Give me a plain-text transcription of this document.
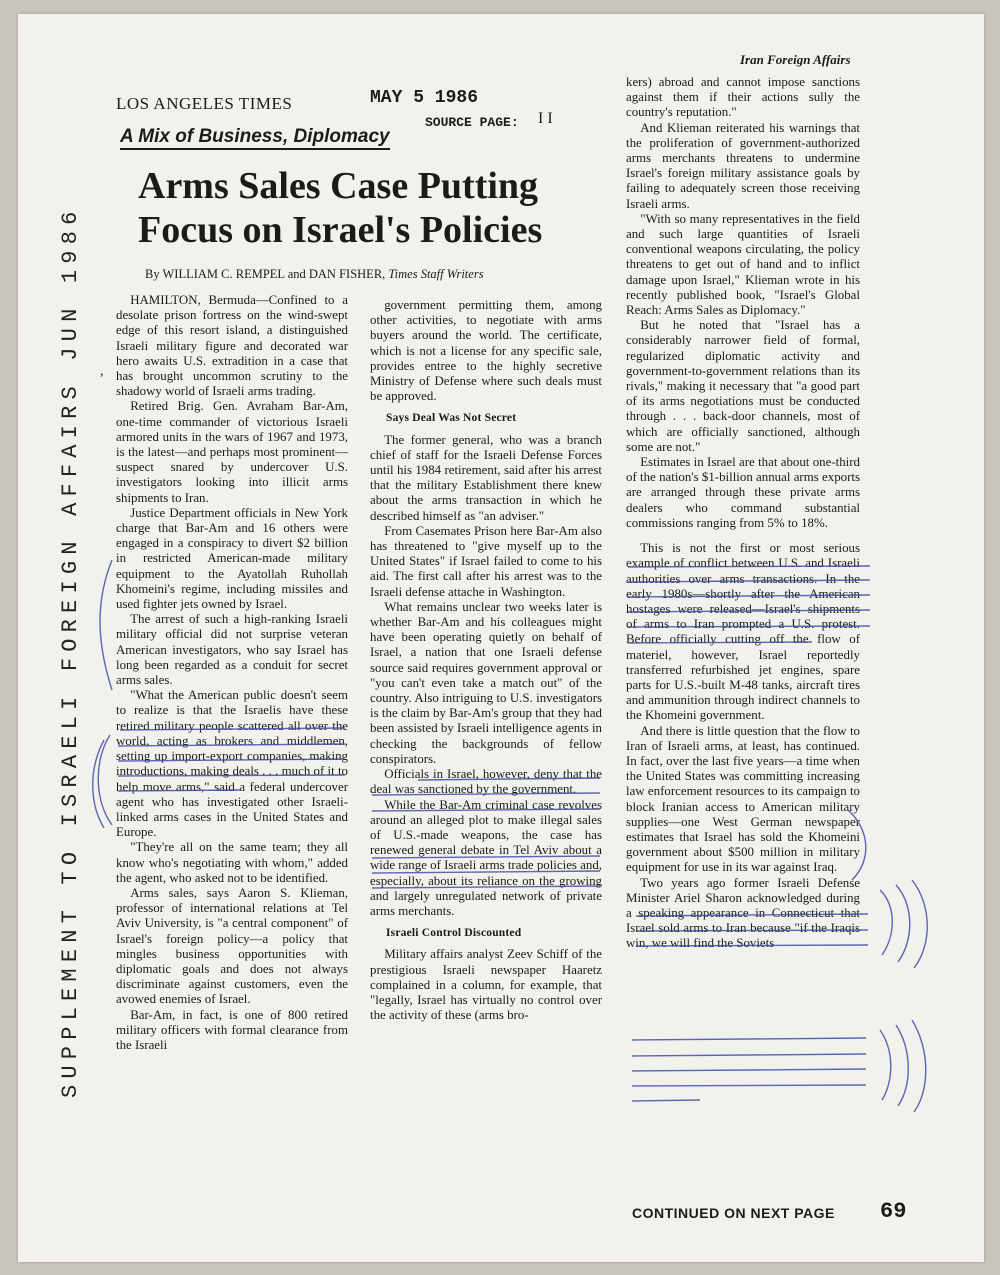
SUPPLEMENT TO ISRAELI FOREIGN AFFAIRS JUN 1986
Iran Foreign Affairs
LOS ANGELES TIMES	MAY 5 1986
SOURCE PAGE: I I
A Mix of Business, Diplomacy
Arms Sales Case Putting Focus on Israel's Policies
By WILLIAM C. REMPEL and DAN FISHER, Times Staff Writers
,

HAMILTON, Bermuda—Confined to a desolate prison fortress on the wind-swept edge of this resort island, a distinguished Israeli military figure and decorated war hero awaits U.S. extradition in a case that has brought uncommon scrutiny to the shadowy world of Israeli arms trading.

Retired Brig. Gen. Avraham Bar-Am, one-time commander of victorious Israeli armored units in the wars of 1967 and 1973, is the latest—and perhaps most prominent—suspect snared by undercover U.S. investigators looking into illicit arms shipments to Iran.

Justice Department officials in New York charge that Bar-Am and 16 others were engaged in a conspiracy to divert $2 billion in restricted American-made military equipment to the Ayatollah Ruhollah Khomeini's regime, including missiles and used fighter jets owned by Israel.

The arrest of such a high-ranking Israeli military official did not surprise veteran American investigators, who say Israel has long been regarded as a conduit for secret arms sales.

"What the American public doesn't seem to realize is that the Israelis have these retired military people scattered all over the world, acting as brokers and middlemen, setting up import-export companies, making introductions, making deals . . . much of it to help move arms," said a federal undercover agent who has investigated other Israeli-linked arms cases in the United States and Europe.

"They're all on the same team; they all know who's negotiating with whom," added the agent, who asked not to be identified.

Arms sales, says Aaron S. Klieman, professor of international relations at Tel Aviv University, is "a central component" of Israel's foreign policy—a policy that mingles business opportunities with diplomatic goals and does not always discriminate against customers, even the avowed enemies of Israel.

Bar-Am, in fact, is one of 800 retired military officers with formal clearance from the Israeli

government permitting them, among other activities, to negotiate with arms buyers around the world. The certificate, which is not a license for any specific sale, provides entree to the highly secretive Ministry of Defense where such deals must be approved.

Says Deal Was Not Secret

The former general, who was a branch chief of staff for the Israeli Defense Forces until his 1984 retirement, said after his arrest that the military Establishment there knew about the arms transaction in which he described himself as "an adviser."

From Casemates Prison here Bar-Am also has threatened to "give myself up to the United States" if Israel failed to come to his aid. The first call after his arrest was to the Israeli defense attache in Washington.

What remains unclear two weeks later is whether Bar-Am and his colleagues might have been operating quietly on behalf of Israel, a nation that one Israeli defense source said requires government approval or "you can't even take a match out" of the country. Also intriguing to U.S. investigators is the claim by Bar-Am's group that they had been assisted by Israeli intelligence agents in checking the backgrounds of fellow conspirators.

Officials in Israel, however, deny that the deal was sanctioned by the government.

While the Bar-Am criminal case revolves around an alleged plot to make illegal sales of U.S.-made weapons, the case has renewed general debate in Tel Aviv about a wide range of Israeli arms trade policies and, especially, about its reliance on the growing and largely unregulated network of private arms merchants.

Israeli Control Discounted

Military affairs analyst Zeev Schiff of the prestigious Israeli newspaper Haaretz complained in a column, for example, that "legally, Israel has virtually no control over the activity of these (arms bro-

kers) abroad and cannot impose sanctions against them if their actions sully the country's reputation."

And Klieman reiterated his warnings that the proliferation of government-authorized arms merchants threatens to undermine Israel's foreign military assistance goals by failing to adequately screen those receiving Israeli arms.

"With so many representatives in the field and such large quantities of Israeli conventional weapons circulating, the policy threatens to get out of hand and to inflict damage upon Israel," Klieman wrote in his recently published book, "Israel's Global Reach: Arms Sales as Diplomacy."

But he noted that "Israel has a considerably narrower field of formal, regularized diplomatic activity and government-to-government relations than its rivals," making it necessary that "a good part of its arms negotiations must be conducted through . . . back-door channels, most of which are officially sanctioned, although some are not."

Estimates in Israel are that about one-third of the nation's $1-billion annual arms exports are arranged through these private arms dealers who command substantial commissions ranging from 5% to 18%.

This is not the first or most serious example of conflict between U.S. and Israeli authorities over arms transactions. In the early 1980s—shortly after the American hostages were released—Israel's shipments of arms to Iran prompted a U.S. protest. Before officially cutting off the flow of materiel, however, Israel reportedly transferred refurbished jet engines, spare parts for U.S.-built M-48 tanks, aircraft tires and ammunition through indirect channels to the Khomeini government.

And there is little question that the flow to Iran of Israeli arms, at least, has continued. In fact, over the last five years—a time when the United States was committing increasing law enforcement resources to its campaign to block Iranian access to American military supplies—one West German newspaper estimates that Israel has sold the Khomeini government about $500 million in military equipment for use in its war against Iraq.

Two years ago former Israeli Defense Minister Ariel Sharon acknowledged during a speaking appearance in Connecticut that Israel sold arms to Iran because "if the Iraqis win, we will find the Soviets

CONTINUED ON NEXT PAGE 69
